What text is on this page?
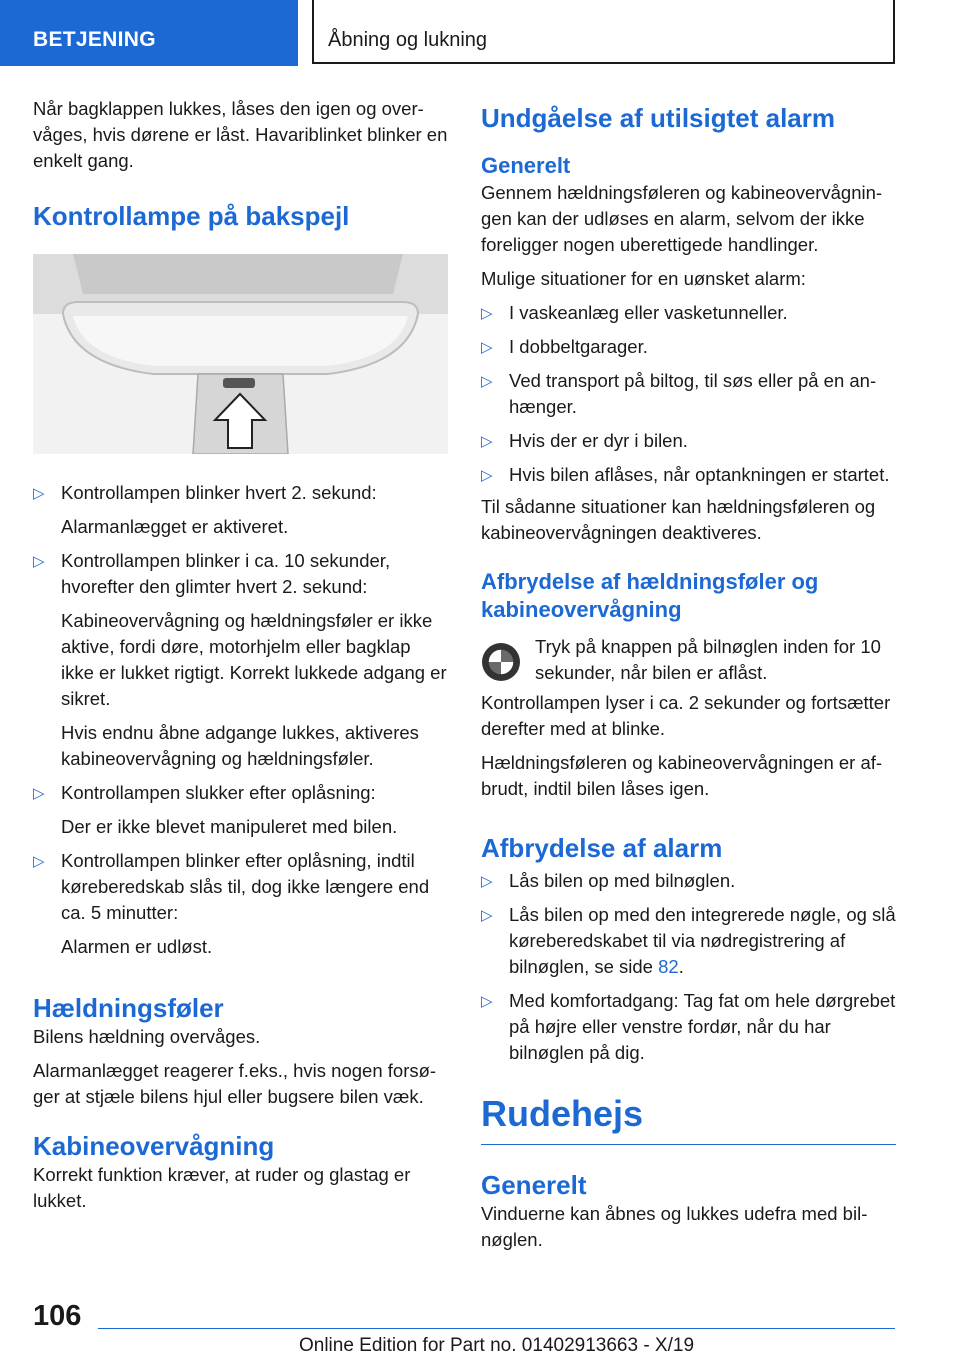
BETJENING	Åbning og lukning

Når bagklappen lukkes, låses den igen og overvåges, hvis dørene er låst. Havariblinket blinker en enkelt gang.

Kontrollampe på bakspejl
▷ Kontrollampen blinker hvert 2. sekund:
Alarmanlægget er aktiveret.
▷ Kontrollampen blinker i ca. 10 sekunder, hvorefter den glimter hvert 2. sekund:
Kabineovervågning og hældningsføler er ikke aktive, fordi døre, motorhjelm eller bagklap ikke er lukket rigtigt. Korrekt lukkede adgang er sikret.
Hvis endnu åbne adgange lukkes, aktiveres kabineovervågning og hældningsføler.
▷ Kontrollampen slukker efter oplåsning:
Der er ikke blevet manipuleret med bilen.
▷ Kontrollampen blinker efter oplåsning, indtil køreberedskab slås til, dog ikke længere end ca. 5 minutter:
Alarmen er udløst.
Hældningsføler

Bilens hældning overvåges.

Alarmanlægget reagerer f.eks., hvis nogen forsøger at stjæle bilens hjul eller bugsere bilen væk.

Kabineovervågning

Korrekt funktion kræver, at ruder og glastag er lukket.

Undgåelse af utilsigtet alarm
Generelt

Gennem hældningsføleren og kabineovervågningen kan der udløses en alarm, selvom der ikke foreligger nogen uberettigede handlinger.

Mulige situationer for en uønsket alarm:

▷ I vaskeanlæg eller vasketunneller.
▷ I dobbeltgarager.
▷ Ved transport på biltog, til søs eller på en anhænger.
▷ Hvis der er dyr i bilen.
▷ Hvis bilen aflåses, når optankningen er startet.

Til sådanne situationer kan hældningsføleren og kabineovervågningen deaktiveres.

Afbrydelse af hældningsføler og kabineovervågning

Tryk på knappen på bilnøglen inden for 10 sekunder, når bilen er aflåst.

Kontrollampen lyser i ca. 2 sekunder og fortsætter derefter med at blinke.

Hældningsføleren og kabineovervågningen er afbrudt, indtil bilen låses igen.

Afbrydelse af alarm
▷ Lås bilen op med bilnøglen.
▷ Lås bilen op med den integrerede nøgle, og slå køreberedskabet til via nødregistrering af bilnøglen, se side 82.
▷ Med komfortadgang: Tag fat om hele dørgrebet på højre eller venstre fordør, når du har bilnøglen på dig.
Rudehejs
Generelt

Vinduerne kan åbnes og lukkes udefra med bilnøglen.

106
Online Edition for Part no. 01402913663 - X/19
